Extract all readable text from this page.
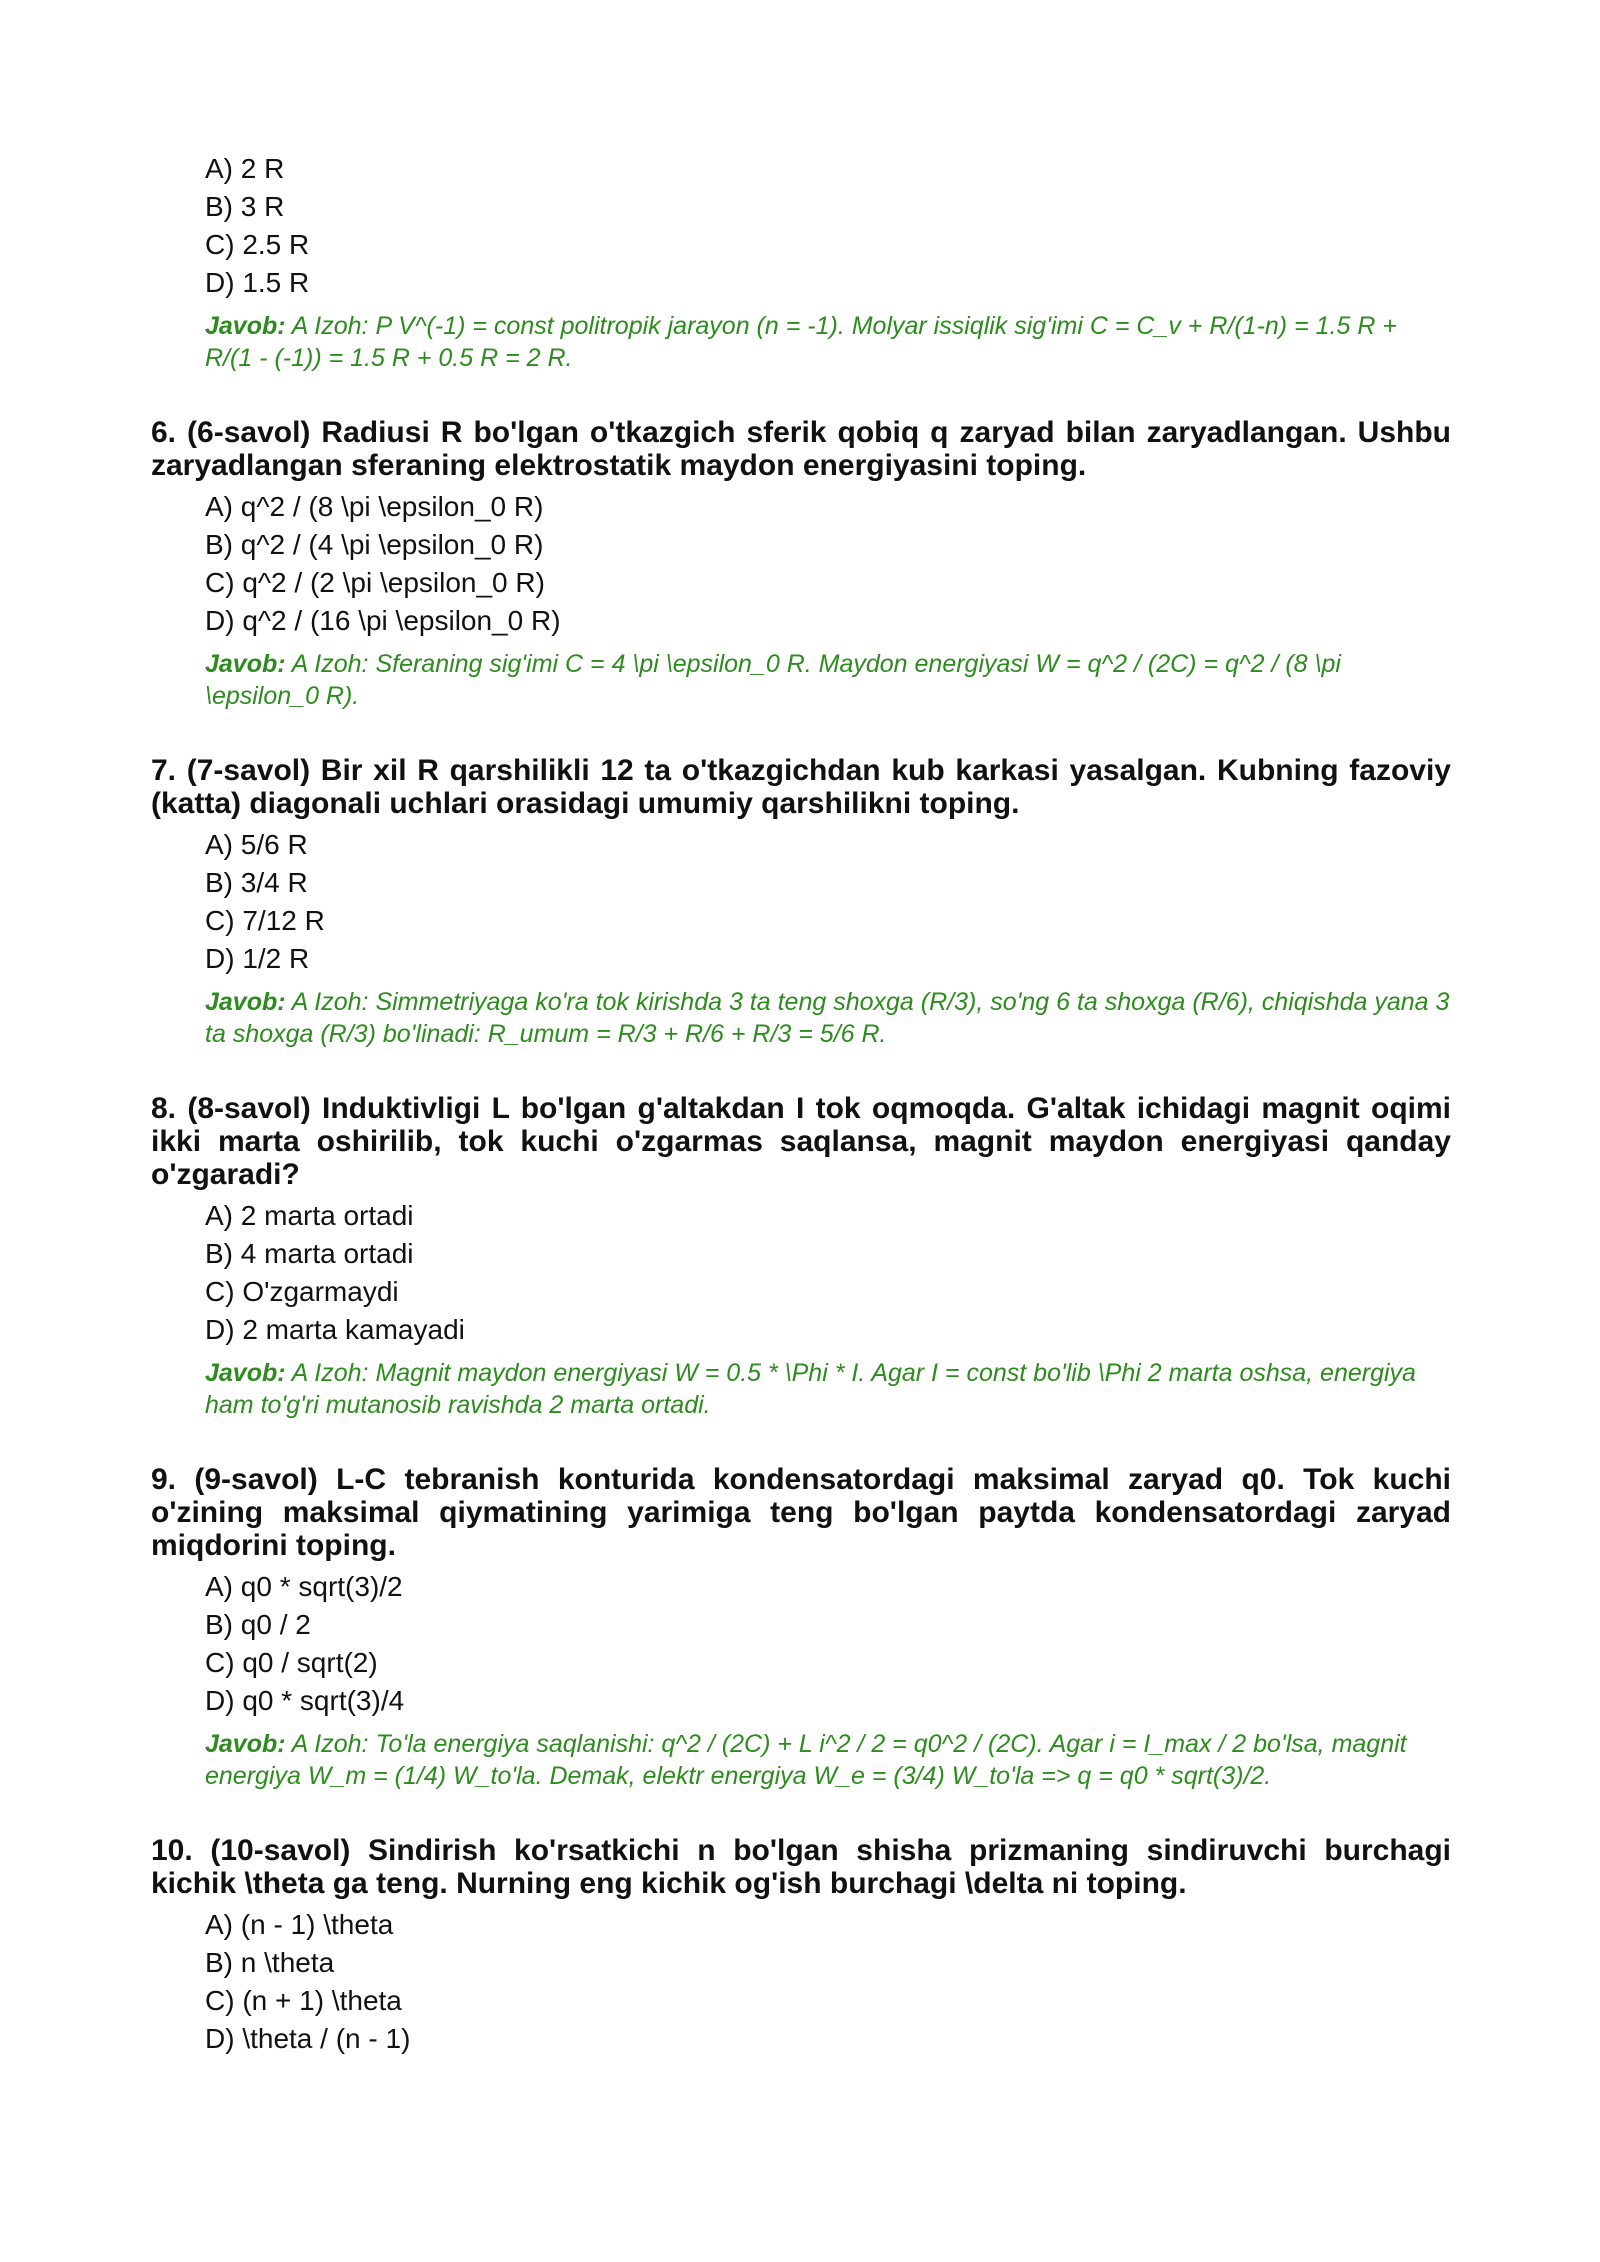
A) 2 R
B) 3 R
C) 2.5 R
D) 1.5 R
Javob: A Izoh: P V^(-1) = const politropik jarayon (n = -1). Molyar issiqlik sig'imi C = C_v + R/(1-n) = 1.5 R + R/(1 - (-1)) = 1.5 R + 0.5 R = 2 R.

6. (6-savol) Radiusi R bo'lgan o'tkazgich sferik qobiq q zaryad bilan zaryadlangan. Ushbu zaryadlangan sferaning elektrostatik maydon energiyasini toping.

A) q^2 / (8 \pi \epsilon_0 R)
B) q^2 / (4 \pi \epsilon_0 R)
C) q^2 / (2 \pi \epsilon_0 R)
D) q^2 / (16 \pi \epsilon_0 R)
Javob: A Izoh: Sferaning sig'imi C = 4 \pi \epsilon_0 R. Maydon energiyasi W = q^2 / (2C) = q^2 / (8 \pi \epsilon_0 R).

7. (7-savol) Bir xil R qarshilikli 12 ta o'tkazgichdan kub karkasi yasalgan. Kubning fazoviy (katta) diagonali uchlari orasidagi umumiy qarshilikni toping.

A) 5/6 R
B) 3/4 R
C) 7/12 R
D) 1/2 R
Javob: A Izoh: Simmetriyaga ko'ra tok kirishda 3 ta teng shoxga (R/3), so'ng 6 ta shoxga (R/6), chiqishda yana 3 ta shoxga (R/3) bo'linadi: R_umum = R/3 + R/6 + R/3 = 5/6 R.

8. (8-savol) Induktivligi L bo'lgan g'altakdan I tok oqmoqda. G'altak ichidagi magnit oqimi ikki marta oshirilib, tok kuchi o'zgarmas saqlansa, magnit maydon energiyasi qanday o'zgaradi?

A) 2 marta ortadi
B) 4 marta ortadi
C) O'zgarmaydi
D) 2 marta kamayadi
Javob: A Izoh: Magnit maydon energiyasi W = 0.5 * \Phi * I. Agar I = const bo'lib \Phi 2 marta oshsa, energiya ham to'g'ri mutanosib ravishda 2 marta ortadi.

9. (9-savol) L-C tebranish konturida kondensatordagi maksimal zaryad q0. Tok kuchi o'zining maksimal qiymatining yarimiga teng bo'lgan paytda kondensatordagi zaryad miqdorini toping.

A) q0 * sqrt(3)/2
B) q0 / 2
C) q0 / sqrt(2)
D) q0 * sqrt(3)/4
Javob: A Izoh: To'la energiya saqlanishi: q^2 / (2C) + L i^2 / 2 = q0^2 / (2C). Agar i = I_max / 2 bo'lsa, magnit energiya W_m = (1/4) W_to'la. Demak, elektr energiya W_e = (3/4) W_to'la => q = q0 * sqrt(3)/2.

10. (10-savol) Sindirish ko'rsatkichi n bo'lgan shisha prizmaning sindiruvchi burchagi kichik \theta ga teng. Nurning eng kichik og'ish burchagi \delta ni toping.

A) (n - 1) \theta
B) n \theta
C) (n + 1) \theta
D) \theta / (n - 1)
